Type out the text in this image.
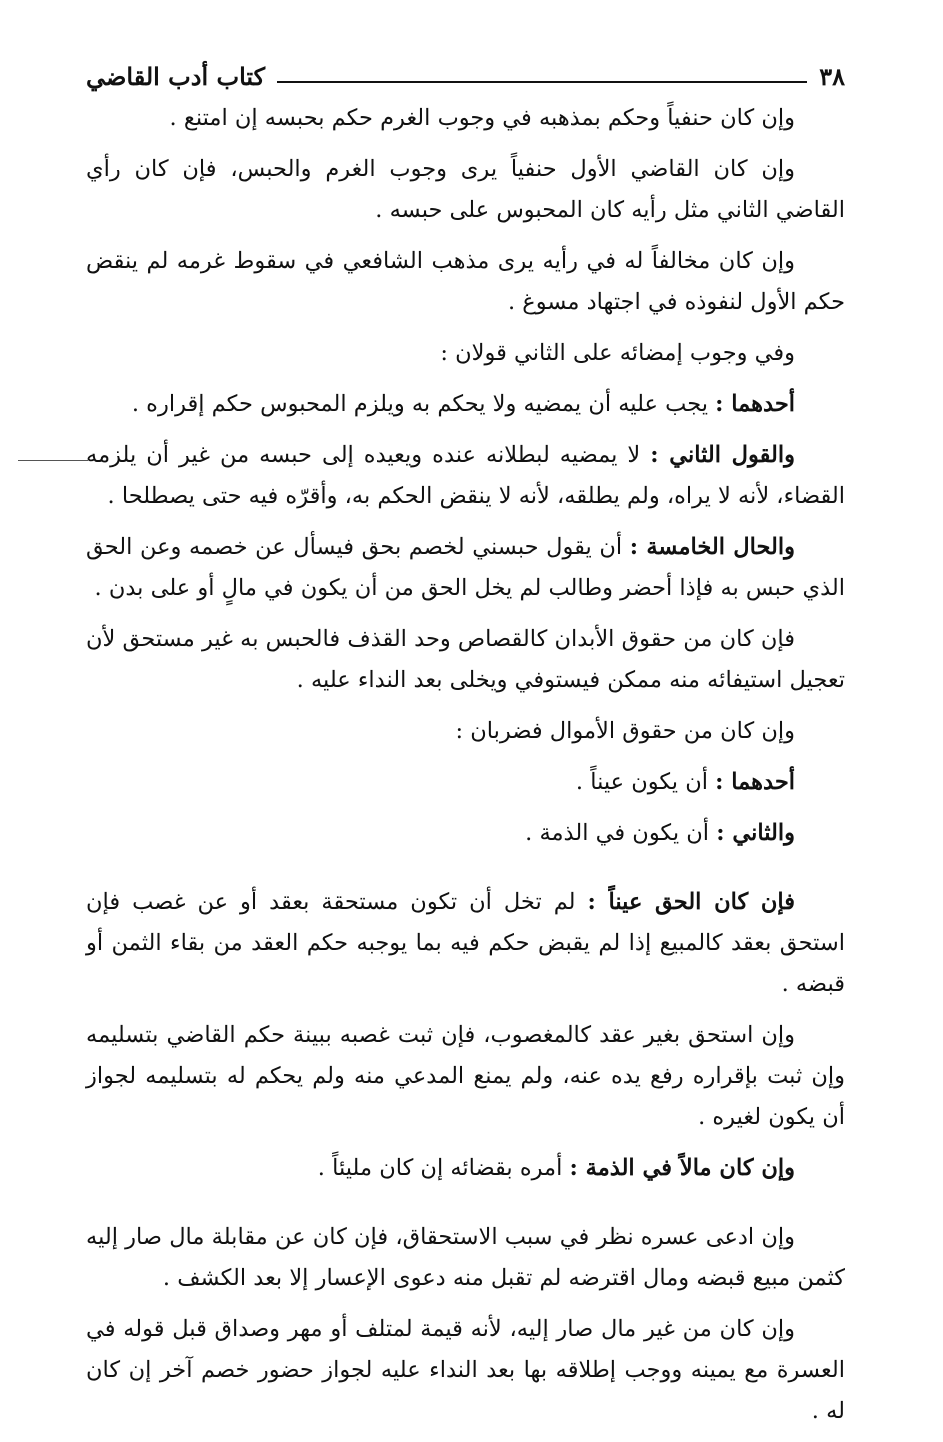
٣٨
كتاب أدب القاضي

وإن كان حنفياً وحكم بمذهبه في وجوب الغرم حكم بحبسه إن امتنع .

وإن كان القاضي الأول حنفياً يرى وجوب الغرم والحبس، فإن كان رأي القاضي الثاني مثل رأيه كان المحبوس على حبسه .

وإن كان مخالفاً له في رأيه يرى مذهب الشافعي في سقوط غرمه لم ينقض حكم الأول لنفوذه في اجتهاد مسوغ .

وفي وجوب إمضائه على الثاني قولان :

أحدهما : يجب عليه أن يمضيه ولا يحكم به ويلزم المحبوس حكم إقراره .

والقول الثاني : لا يمضيه لبطلانه عنده ويعيده إلى حبسه من غير أن يلزمه القضاء، لأنه لا يراه، ولم يطلقه، لأنه لا ينقض الحكم به، وأقرّه فيه حتى يصطلحا .

والحال الخامسة : أن يقول حبسني لخصم بحق فيسأل عن خصمه وعن الحق الذي حبس به فإذا أحضر وطالب لم يخل الحق من أن يكون في مالٍ أو على بدن .

فإن كان من حقوق الأبدان كالقصاص وحد القذف فالحبس به غير مستحق لأن تعجيل استيفائه منه ممكن فيستوفي ويخلى بعد النداء عليه .

وإن كان من حقوق الأموال فضربان :

أحدهما : أن يكون عيناً .

والثاني : أن يكون في الذمة .

فإن كان الحق عيناً : لم تخل أن تكون مستحقة بعقد أو عن غصب فإن استحق بعقد كالمبيع إذا لم يقبض حكم فيه بما يوجبه حكم العقد من بقاء الثمن أو قبضه .

وإن استحق بغير عقد كالمغصوب، فإن ثبت غصبه ببينة حكم القاضي بتسليمه وإن ثبت بإقراره رفع يده عنه، ولم يمنع المدعي منه ولم يحكم له بتسليمه لجواز أن يكون لغيره .

وإن كان مالاً في الذمة : أمره بقضائه إن كان مليئاً .

وإن ادعى عسره نظر في سبب الاستحقاق، فإن كان عن مقابلة مال صار إليه كثمن مبيع قبضه ومال اقترضه لم تقبل منه دعوى الإعسار إلا بعد الكشف .

وإن كان من غير مال صار إليه، لأنه قيمة لمتلف أو مهر وصداق قبل قوله في العسرة مع يمينه ووجب إطلاقه بها بعد النداء عليه لجواز حضور خصم آخر إن كان له .
